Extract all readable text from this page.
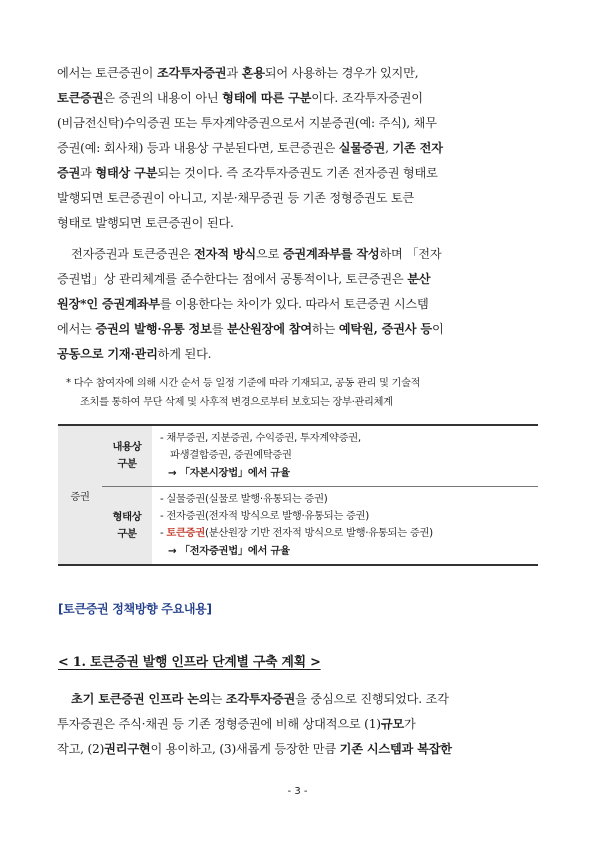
에서는 토큰증권이 조각투자증권과 혼용되어 사용하는 경우가 있지만,
토큰증권은 증권의 내용이 아닌 형태에 따른 구분이다. 조각투자증권이
(비금전신탁)수익증권 또는 투자계약증권으로서 지분증권(예: 주식), 채무
증권(예: 회사채) 등과 내용상 구분된다면, 토큰증권은 실물증권, 기존 전자
증권과 형태상 구분되는 것이다. 즉 조각투자증권도 기존 전자증권 형태로
발행되면 토큰증권이 아니고, 지분·채무증권 등 기존 정형증권도 토큰
형태로 발행되면 토큰증권이 된다.
전자증권과 토큰증권은 전자적 방식으로 증권계좌부를 작성하며 「전자
증권법」상 관리체계를 준수한다는 점에서 공통적이나, 토큰증권은 분산
원장*인 증권계좌부를 이용한다는 차이가 있다. 따라서 토큰증권 시스템
에서는 증권의 발행·유통 정보를 분산원장에 참여하는 예탁원, 증권사 등이
공동으로 기재·관리하게 된다.
* 다수 참여자에 의해 시간 순서 등 일정 기준에 따라 기재되고, 공동 관리 및 기술적
조치를 통하여 무단 삭제 및 사후적 변경으로부터 보호되는 장부·관리체계
증권	내용상
구분	- 채무증권, 지분증권, 수익증권, 투자계약증권,
파생결합증권, 증권예탁증권
→ 「자본시장법」에서 규율

	형태상
구분	- 실물증권(실물로 발행·유통되는 증권)
- 전자증권(전자적 방식으로 발행·유통되는 증권)
- 토큰증권(분산원장 기반 전자적 방식으로 발행·유통되는 증권)
→ 「전자증권법」에서 규율
[토큰증권 정책방향 주요내용]
< 1. 토큰증권 발행 인프라 단계별 구축 계획 >
초기 토큰증권 인프라 논의는 조각투자증권을 중심으로 진행되었다. 조각
투자증권은 주식·채권 등 기존 정형증권에 비해 상대적으로 (1)규모가
작고, (2)권리구현이 용이하고, (3)새롭게 등장한 만큼 기존 시스템과 복잡한
- 3 -
